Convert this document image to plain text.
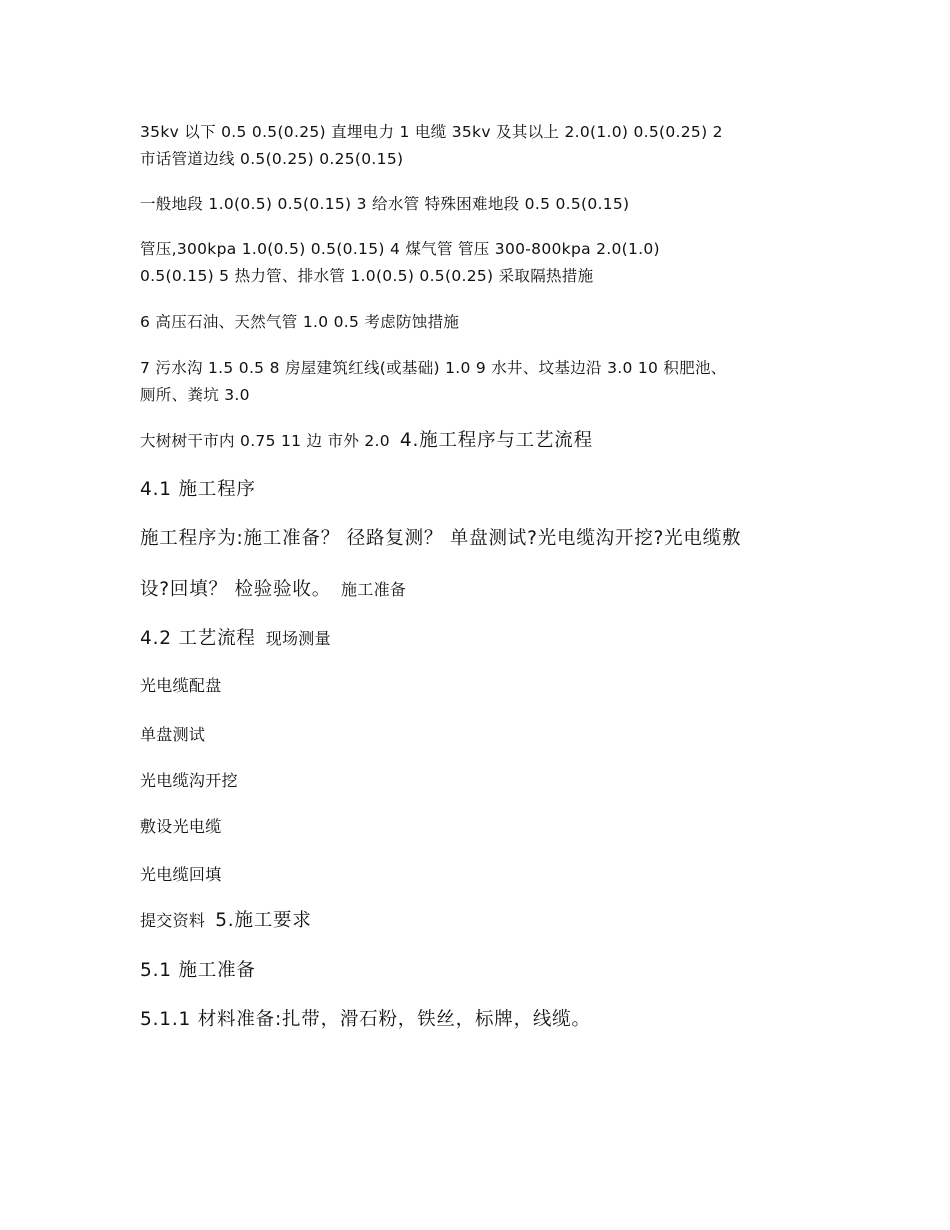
35kv 以下 0.5 0.5(0.25) 直埋电力 1 电缆 35kv 及其以上 2.0(1.0) 0.5(0.25) 2

市话管道边线 0.5(0.25) 0.25(0.15)

一般地段 1.0(0.5) 0.5(0.15) 3 给水管 特殊困难地段 0.5 0.5(0.15)

管压,300kpa 1.0(0.5) 0.5(0.15) 4 煤气管 管压 300-800kpa 2.0(1.0)

0.5(0.15) 5 热力管、排水管 1.0(0.5) 0.5(0.25) 采取隔热措施

6 高压石油、天然气管 1.0 0.5 考虑防蚀措施

7 污水沟 1.5 0.5 8 房屋建筑红线(或基础) 1.0 9 水井、坟基边沿 3.0 10 积肥池、

厕所、粪坑 3.0

大树树干市内 0.75 11 边 市外 2.0 4.施工程序与工艺流程

4.1 施工程序

施工程序为:施工准备？ 径路复测？ 单盘测试?光电缆沟开挖?光电缆敷

设?回填？ 检验验收。 施工准备

4.2 工艺流程 现场测量

光电缆配盘

单盘测试

光电缆沟开挖

敷设光电缆

光电缆回填

提交资料 5.施工要求

5.1 施工准备

5.1.1 材料准备:扎带，滑石粉，铁丝，标牌，线缆。
